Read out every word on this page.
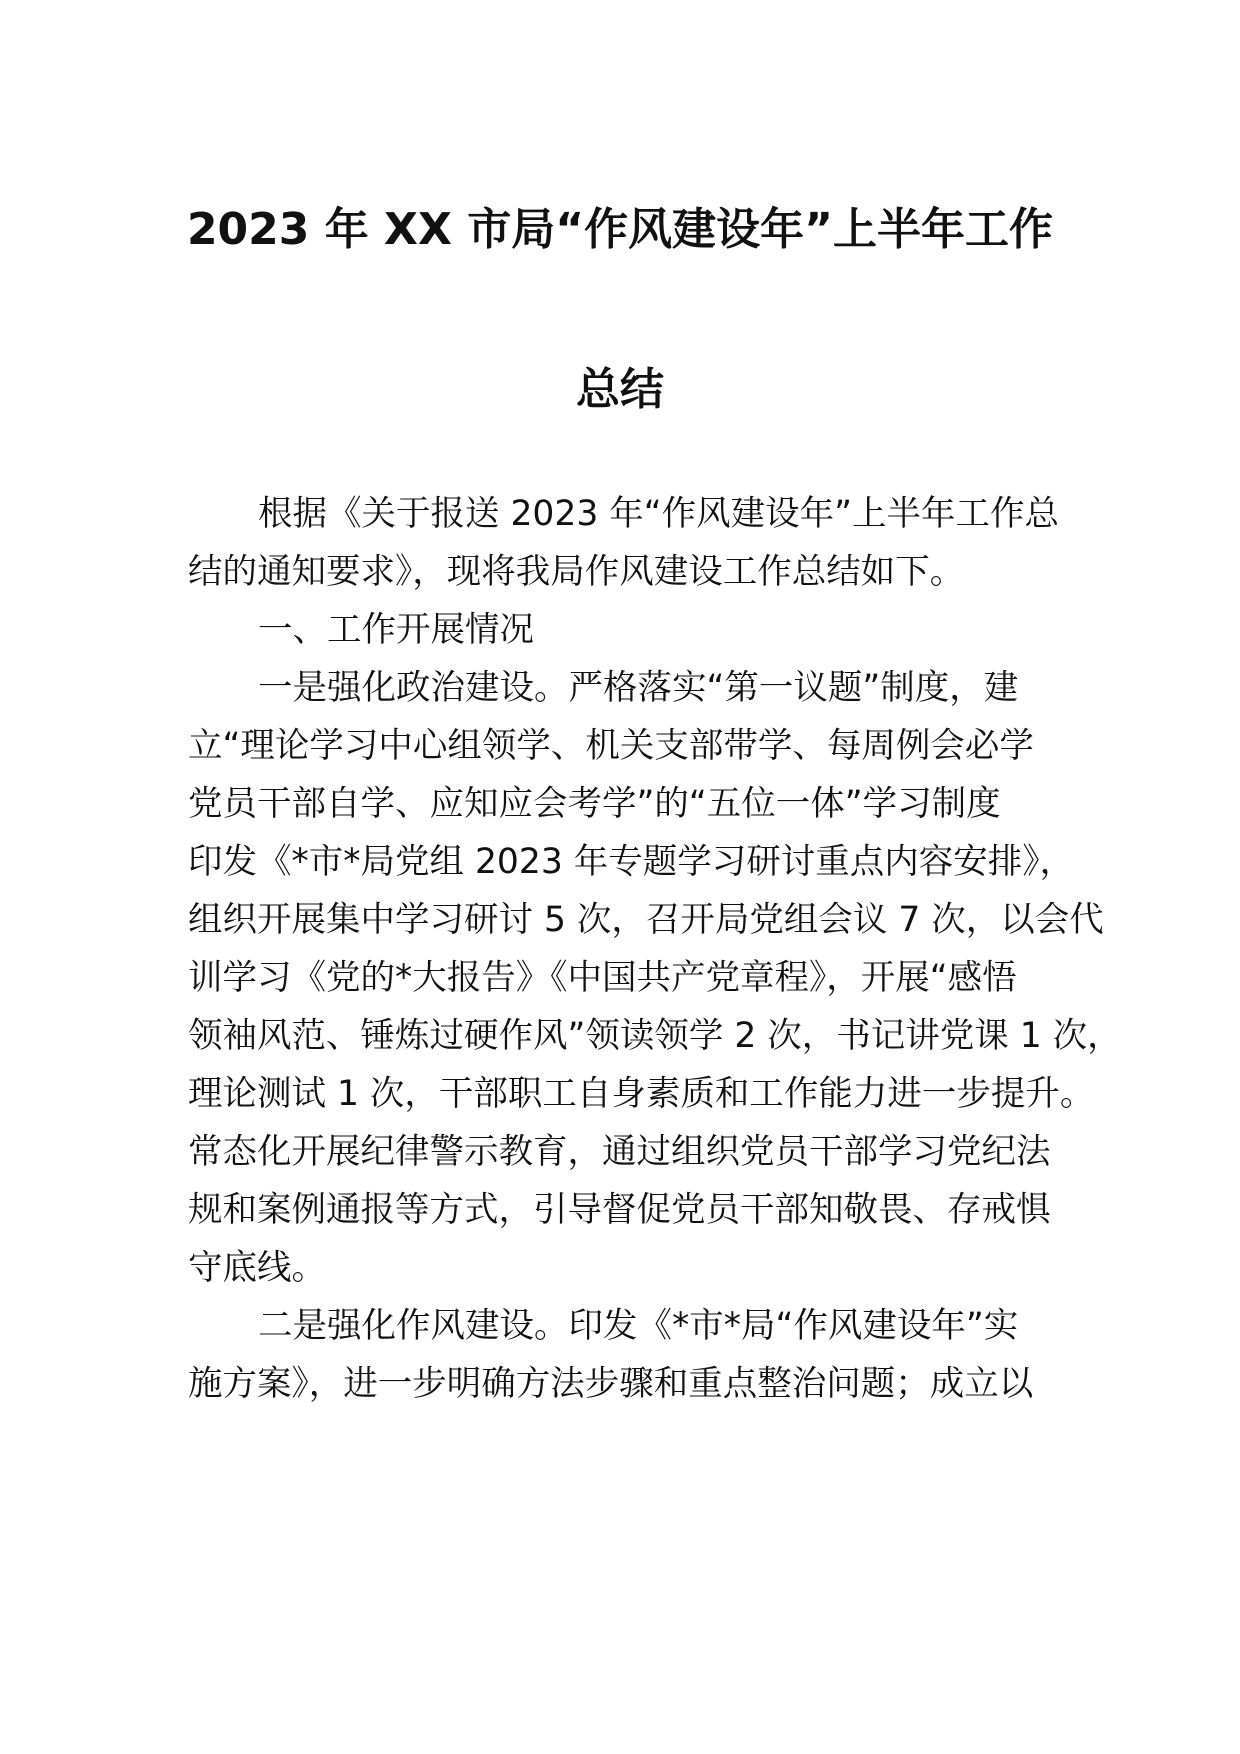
2023 年 XX 市局“作风建设年”上半年工作
总结
根据《关于报送 2023 年“作风建设年”上半年工作总
结的通知要求》，现将我局作风建设工作总结如下。
一、工作开展情况
一是强化政治建设。严格落实“第一议题”制度，建
立“理论学习中心组领学、机关支部带学、每周例会必学
党员干部自学、应知应会考学”的“五位一体”学习制度
印发《*市*局党组 2023 年专题学习研讨重点内容安排》，
组织开展集中学习研讨 5 次，召开局党组会议 7 次，以会代
训学习《党的*大报告》《中国共产党章程》，开展“感悟
领袖风范、锤炼过硬作风”领读领学 2 次，书记讲党课 1 次，
理论测试 1 次，干部职工自身素质和工作能力进一步提升。
常态化开展纪律警示教育，通过组织党员干部学习党纪法
规和案例通报等方式，引导督促党员干部知敬畏、存戒惧
守底线。
二是强化作风建设。印发《*市*局“作风建设年”实
施方案》，进一步明确方法步骤和重点整治问题；成立以
